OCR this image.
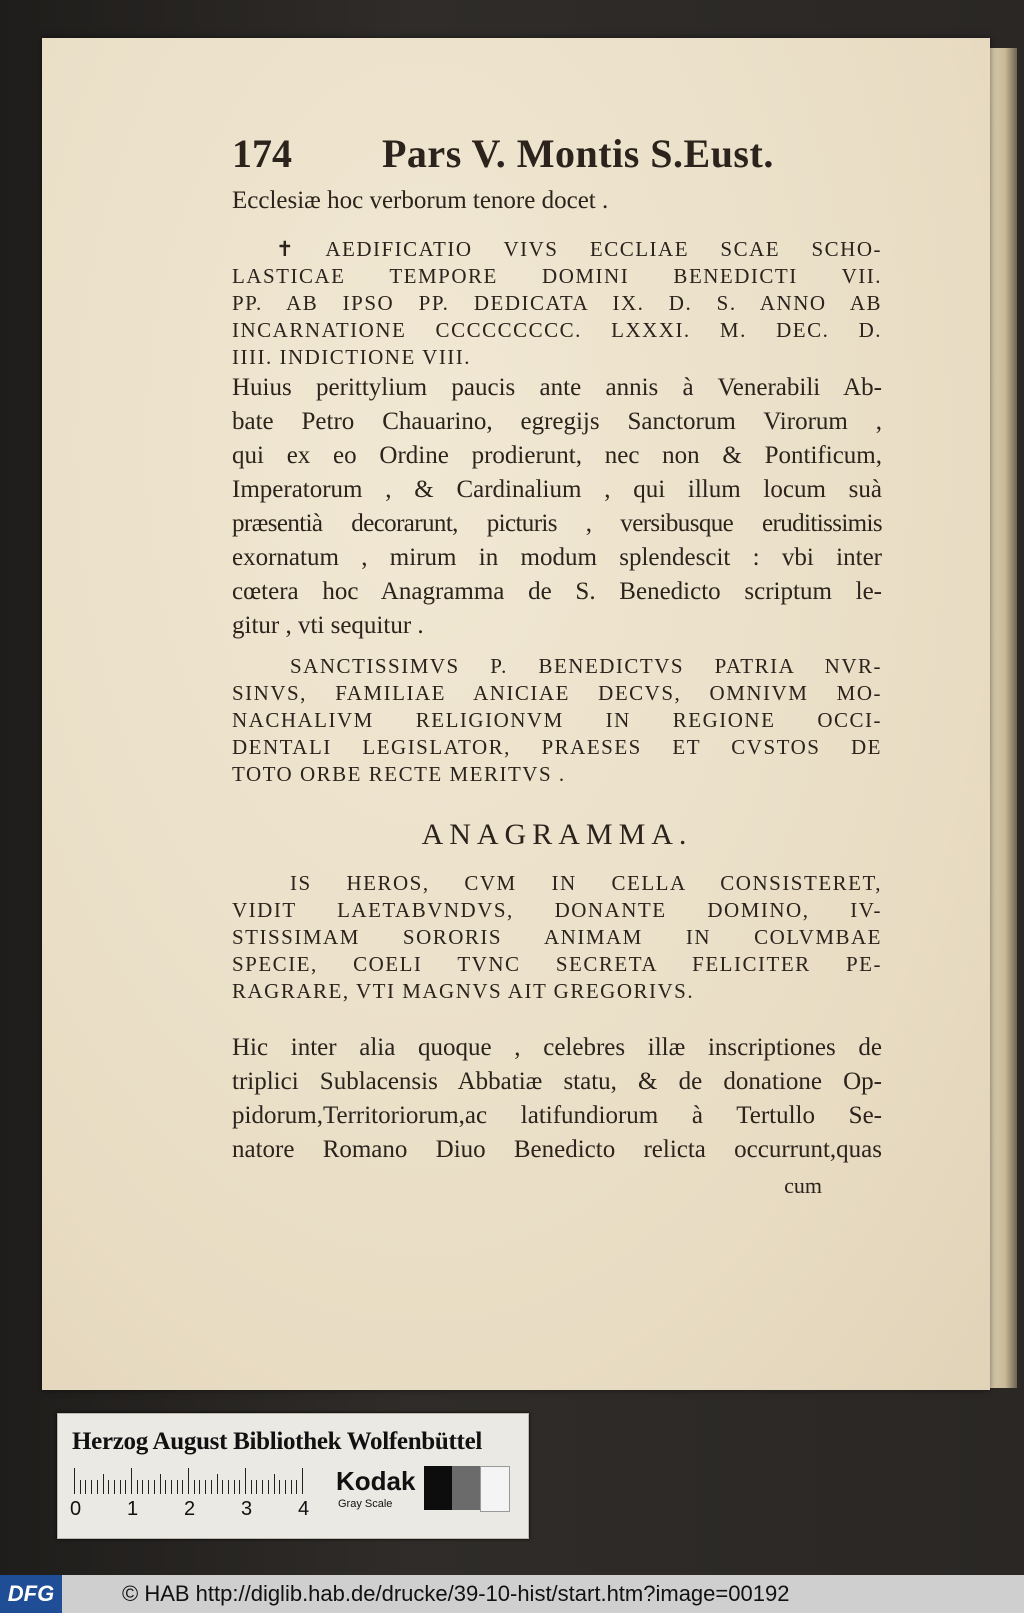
174	Pars V. Montis S.Eust.
Ecclesiæ hoc verborum tenore docet .
✝ AEDIFICATIO VIVS ECCLIAE SCAE SCHO-
LASTICAE TEMPORE DOMINI BENEDICTI VII.
PP. AB IPSO PP. DEDICATA IX. D. S. ANNO AB
INCARNATIONE CCCCCCCCC. LXXXI. M. DEC. D.
IIII. INDICTIONE VIII.
Huius perittylium paucis ante annis à Venerabili Ab-
bate Petro Chauarino, egregijs Sanctorum Virorum ,
qui ex eo Ordine prodierunt, nec non & Pontificum,
Imperatorum , & Cardinalium , qui illum locum suà
præsentià decorarunt, picturis , versibusque eruditissimis
exornatum , mirum in modum splendescit : vbi inter
cœtera hoc Anagramma de S. Benedicto scriptum le-
gitur , vti sequitur .
SANCTISSIMVS P. BENEDICTVS PATRIA NVR-
SINVS, FAMILIAE ANICIAE DECVS, OMNIVM MO-
NACHALIVM RELIGIONVM IN REGIONE OCCI-
DENTALI LEGISLATOR, PRAESES ET CVSTOS DE
TOTO ORBE RECTE MERITVS .
ANAGRAMMA.
IS HEROS, CVM IN CELLA CONSISTERET,
VIDIT LAETABVNDVS, DONANTE DOMINO, IV-
STISSIMAM SORORIS ANIMAM IN COLVMBAE
SPECIE, COELI TVNC SECRETA FELICITER PE-
RAGRARE, VTI MAGNVS AIT GREGORIVS.
Hic inter alia quoque , celebres illæ inscriptiones de
triplici Sublacensis Abbatiæ statu, & de donatione Op-
pidorum,Territoriorum,ac latifundiorum à Tertullo Se-
natore Romano Diuo Benedicto relicta occurrunt,quas
cum
Herzog August Bibliothek Wolfenbüttel
0 1 2 3 4
Kodak
Gray Scale
DFG	© HAB http://diglib.hab.de/drucke/39-10-hist/start.htm?image=00192
